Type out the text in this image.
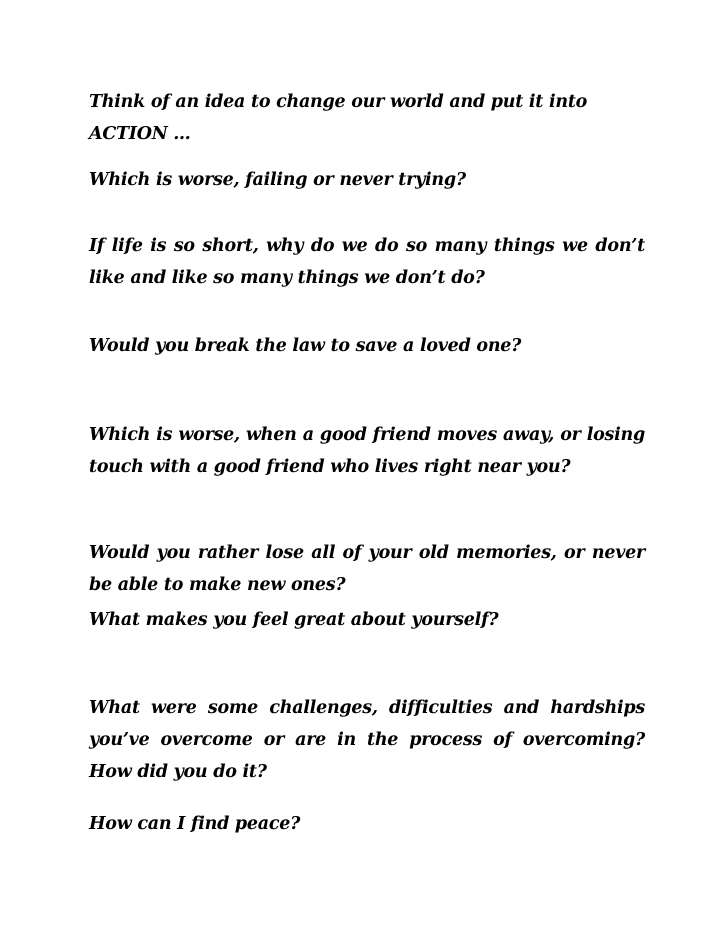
Think of an idea to change our world and put it into ACTION …

Which is worse, failing or never trying?

If life is so short, why do we do so many things we don’t like and like so many things we don’t do?

Would you break the law to save a loved one?

Which is worse, when a good friend moves away, or losing touch with a good friend who lives right near you?

Would you rather lose all of your old memories, or never be able to make new ones?

What makes you feel great about yourself?

What were some challenges, difficulties and hardships you’ve overcome or are in the process of overcoming? How did you do it?

How can I find peace?
